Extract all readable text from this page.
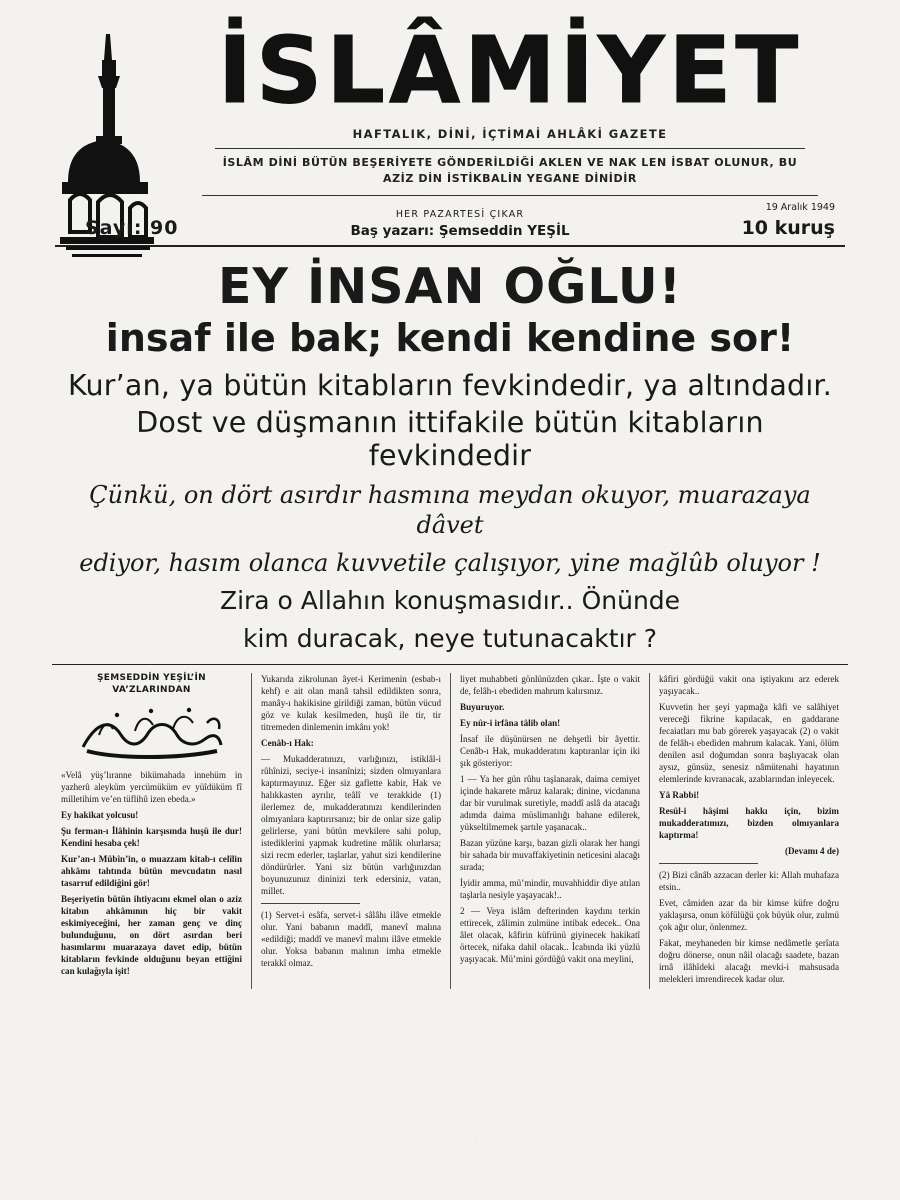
İSLÂMİYET
HAFTALIK, DİNİ, İÇTİMAİ AHLÂKİ GAZETE
İSLÂM DİNİ BÜTÜN BEŞERİYETE GÖNDERİLDİĞİ AKLEN VE NAK LEN İSBAT OLUNUR, BU
AZİZ DİN İSTİKBALİN YEGANE DİNİDİR
Sayı: 90
HER PAZARTESİ ÇIKAR
Baş yazarı: Şemseddin YEŞİL
19 Aralık 1949
10 kuruş
EY İNSAN OĞLU!
insaf ile bak; kendi kendine sor!
Kur’an, ya bütün kitabların fevkindedir, ya altındadır.
Dost ve düşmanın ittifakile bütün kitabların fevkindedir
Çünkü, on dört asırdır hasmına meydan okuyor, muarazaya dâvet
ediyor, hasım olanca kuvvetile çalışıyor, yine mağlûb oluyor !
Zira o Allahın konuşmasıdır.. Önünde
kim duracak, neye tutunacaktır ?
ŞEMSEDDİN YEŞİL’İN
VA’ZLARINDAN

«Velâ yüş’lıranne bikümahada innehüm in yazherû aleyküm yercümüküm ev yüîdüküm fî milletihim ve’en tüflihû izen ebeda.»

Ey hakikat yolcusu!

Şu ferman-ı İlâhinin karşısında huşû ile dur! Kendini hesaba çek!

Kur’an-ı Mübîn’in, o muazzam kitab-ı celîlin ahkâmı tahtında bütün mevcudatın nasıl tasarruf edildiğini gör!

Beşeriyetin bütün ihtiyacını ekmel olan o aziz kitabın ahkâmının hiç bir vakit eskimiyeceğini, her zaman genç ve dinç bulunduğunu, on dört asırdan beri hasımlarını muarazaya davet edip, bütün kitabların fevkinde olduğunu beyan ettiğini can kulağıyla işit!

Yukarıda zikrolunan âyet-i Kerimenin (esbab-ı kehf) e ait olan manâ tahsil edildikten sonra, manây-ı hakikisine girildiği zaman, bütün vücud göz ve kulak kesilmeden, huşû ile tir, tir titremeden dinlemenin imkânı yok!

Cenâb-ı Hak:

— Mukadderatınızı, varlığınızı, istiklâl-i rûhînizi, seciye-i insanînizi; sizden olmıyanlara kaptırmayınız. Eğer siz gaflette kabir, Hak ve halıkkasten ayrılır, teâlî ve terakkide (1) ilerlemez de, mukadderatınızı kendilerinden olmıyanlara kaptırırsanız; bir de onlar size galip gelirlerse, yani bütün mevkilere sahi polup, istediklerini yapmak kudretine mâlik olurlarsa; sizi recm ederler, taşlarlar, yahut sizi kendilerine döndürürler. Yani siz bütün varlığınızdan boyunuzunuz dininizi terk edersiniz, vatan, millet.

(1) Servet-i esâfa, servet-i sâlâhı ilâve etmekle olur. Yani babanın maddî, manevî malına «edildiği; maddî ve manevî malını ilâve etmekle olur. Yoksa babanın malının imha etmekle terakkî olmaz.

liyet muhabbeti gönlünüzden çıkar.. İşte o vakit de, felâh-ı ebediden mahrum kalırsınız.

Buyuruyor.

Ey nûr-i irfâna tâlib olan!

İnsaf ile düşünürsen ne dehşetli bir âyettir. Cenâb-ı Hak, mukadderatını kaptıranlar için iki şık gösteriyor:

1 — Ya her gün rûhu taşlanarak, daima cemiyet içinde hakarete mâruz kalarak; dinine, vicdanına dar bir vurulmak suretiyle, maddî aslâ da atacağı adımda daima müslimanlığı bahane edilerek, yükseltilmemek şartıle yaşanacak..

Bazan yüzüne karşı, bazan gizli olarak her hangi bir sahada bir muvaffakiyetinin neticesini alacağı sırada;

İyidir amma, mü’mindir, muvahhiddir diye atılan taşlarla nesiyle yaşayacak!..

2 — Veya islâm defterinden kaydını terkin ettirecek, zâlimin zulmüne intibak edecek.. Ona âlet olacak, kâfirin küfrünü giyinecek hakikatî örtecek, nifaka dahil olacak.. İcabında iki yüzlü yaşıyacak. Mü’mini gördüğü vakit ona meylini,

kâfiri gördüğü vakit ona iştiyakını arz ederek yaşıyacak..

Kuvvetin her şeyi yapmağa kâfi ve salâhiyet vereceği fikrine kapılacak, en gaddarane fecaiatları mu bab görerek yaşayacak (2) o vakit de felâh-ı ebediden mahrum kalacak. Yani, ölüm denilen asıl doğumdan sonra başlıyacak olan aysız, günsüz, senesiz nâmütenahi hayatının elemlerinde kıvranacak, azablarından inleyecek.

Yâ Rabbi!

Resûl-i hâşimi hakkı için, bizim mukadderatımızı, bizden olmıyanlara kaptırma!

(Devamı 4 de)

(2) Bizi cânâb azzacan derler ki: Allah muhafaza etsin..

Evet, câmiden azar da bir kimse küfre doğru yaklaşırsa, onun köfülüğü çok büyük olur, zulmü çok ağır olur, önlenmez.

Fakat, meyhaneden bir kimse nedâmetle şerîata doğru dönerse, onun nâil olacağı saadete, bazan irnâ ilâhîdeki alacağı mevki-i mahsusada melekleri imrendirecek kadar olur.
